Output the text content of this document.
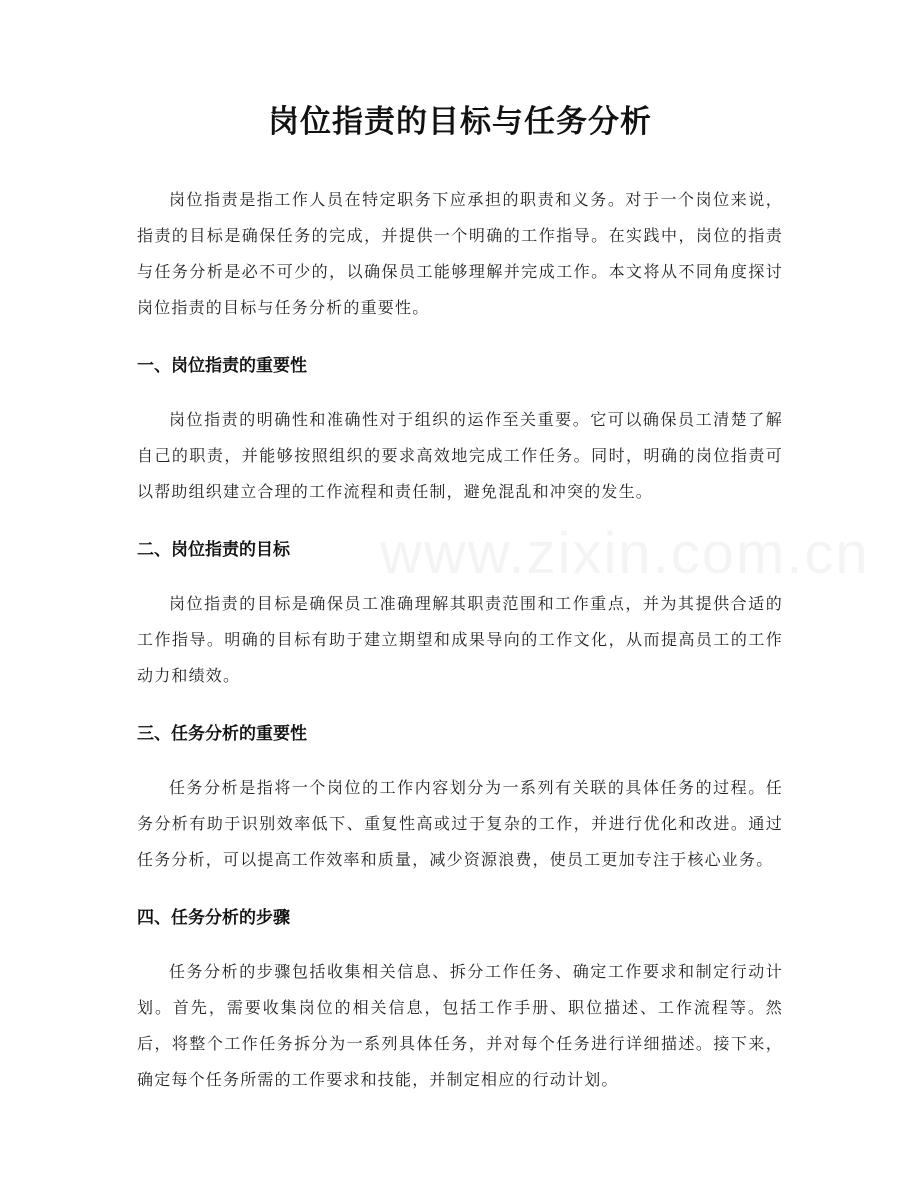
岗位指责的目标与任务分析

岗位指责是指工作人员在特定职务下应承担的职责和义务。对于一个岗位来说，指责的目标是确保任务的完成，并提供一个明确的工作指导。在实践中，岗位的指责与任务分析是必不可少的，以确保员工能够理解并完成工作。本文将从不同角度探讨岗位指责的目标与任务分析的重要性。

一、岗位指责的重要性

岗位指责的明确性和准确性对于组织的运作至关重要。它可以确保员工清楚了解自己的职责，并能够按照组织的要求高效地完成工作任务。同时，明确的岗位指责可以帮助组织建立合理的工作流程和责任制，避免混乱和冲突的发生。

二、岗位指责的目标

岗位指责的目标是确保员工准确理解其职责范围和工作重点，并为其提供合适的工作指导。明确的目标有助于建立期望和成果导向的工作文化，从而提高员工的工作动力和绩效。

三、任务分析的重要性

任务分析是指将一个岗位的工作内容划分为一系列有关联的具体任务的过程。任务分析有助于识别效率低下、重复性高或过于复杂的工作，并进行优化和改进。通过任务分析，可以提高工作效率和质量，减少资源浪费，使员工更加专注于核心业务。

四、任务分析的步骤

任务分析的步骤包括收集相关信息、拆分工作任务、确定工作要求和制定行动计划。首先，需要收集岗位的相关信息，包括工作手册、职位描述、工作流程等。然后，将整个工作任务拆分为一系列具体任务，并对每个任务进行详细描述。接下来，确定每个任务所需的工作要求和技能，并制定相应的行动计划。
